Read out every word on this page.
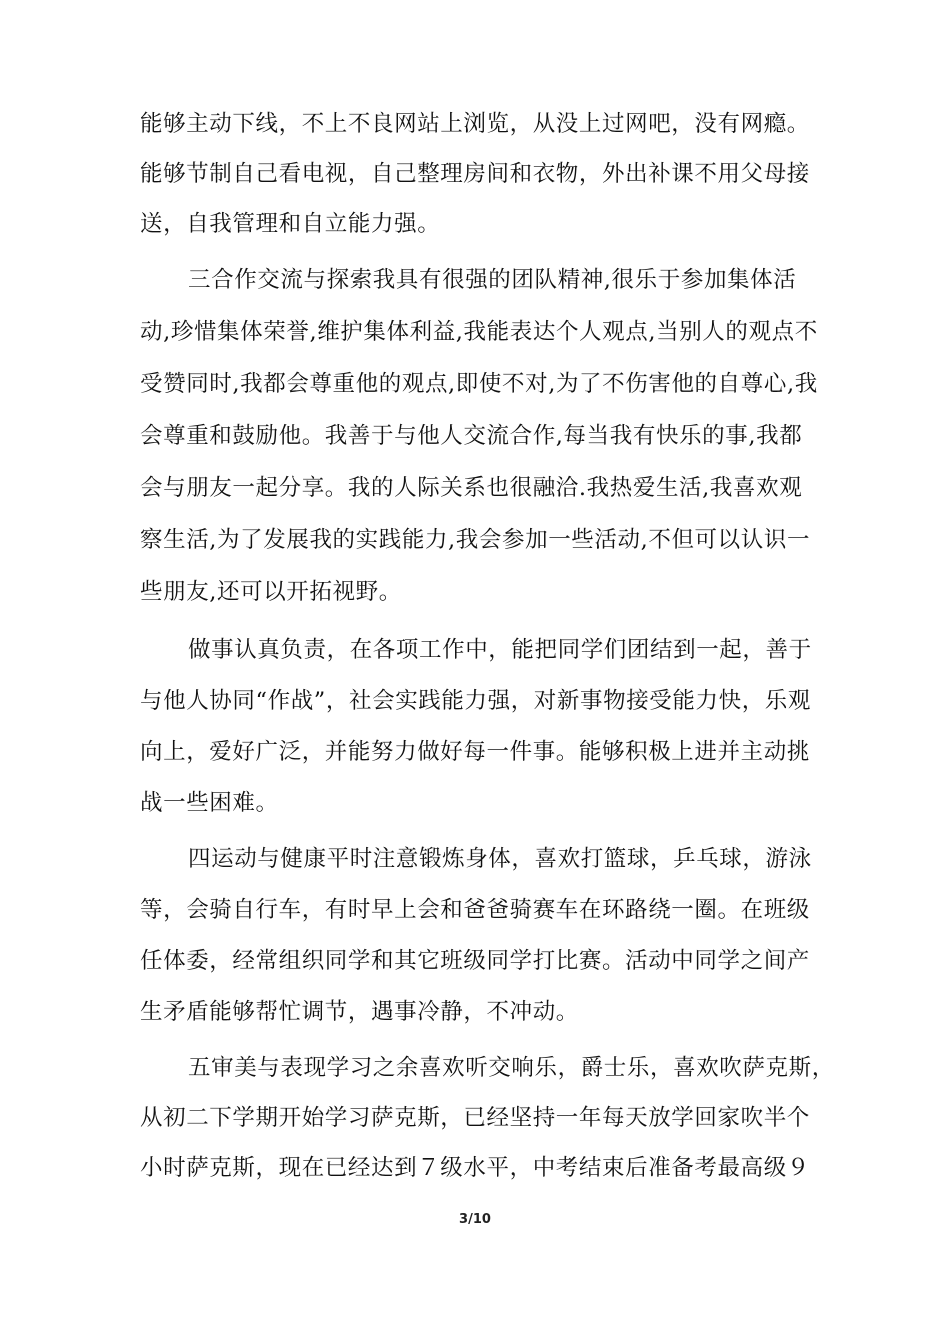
能够主动下线，不上不良网站上浏览，从没上过网吧，没有网瘾。
能够节制自己看电视，自己整理房间和衣物，外出补课不用父母接
送，自我管理和自立能力强。
三合作交流与探索我具有很强的团队精神,很乐于参加集体活
动,珍惜集体荣誉,维护集体利益,我能表达个人观点,当别人的观点不
受赞同时,我都会尊重他的观点,即使不对,为了不伤害他的自尊心,我
会尊重和鼓励他。我善于与他人交流合作,每当我有快乐的事,我都
会与朋友一起分享。我的人际关系也很融洽.我热爱生活,我喜欢观
察生活,为了发展我的实践能力,我会参加一些活动,不但可以认识一
些朋友,还可以开拓视野。
做事认真负责，在各项工作中，能把同学们团结到一起，善于
与他人协同“作战”，社会实践能力强，对新事物接受能力快，乐观
向上，爱好广泛，并能努力做好每一件事。能够积极上进并主动挑
战一些困难。
四运动与健康平时注意锻炼身体，喜欢打篮球，乒乓球，游泳
等，会骑自行车，有时早上会和爸爸骑赛车在环路绕一圈。在班级
任体委，经常组织同学和其它班级同学打比赛。活动中同学之间产
生矛盾能够帮忙调节，遇事冷静，不冲动。
五审美与表现学习之余喜欢听交响乐，爵士乐，喜欢吹萨克斯，
从初二下学期开始学习萨克斯，已经坚持一年每天放学回家吹半个
小时萨克斯，现在已经达到７级水平，中考结束后准备考最高级９
3/10
